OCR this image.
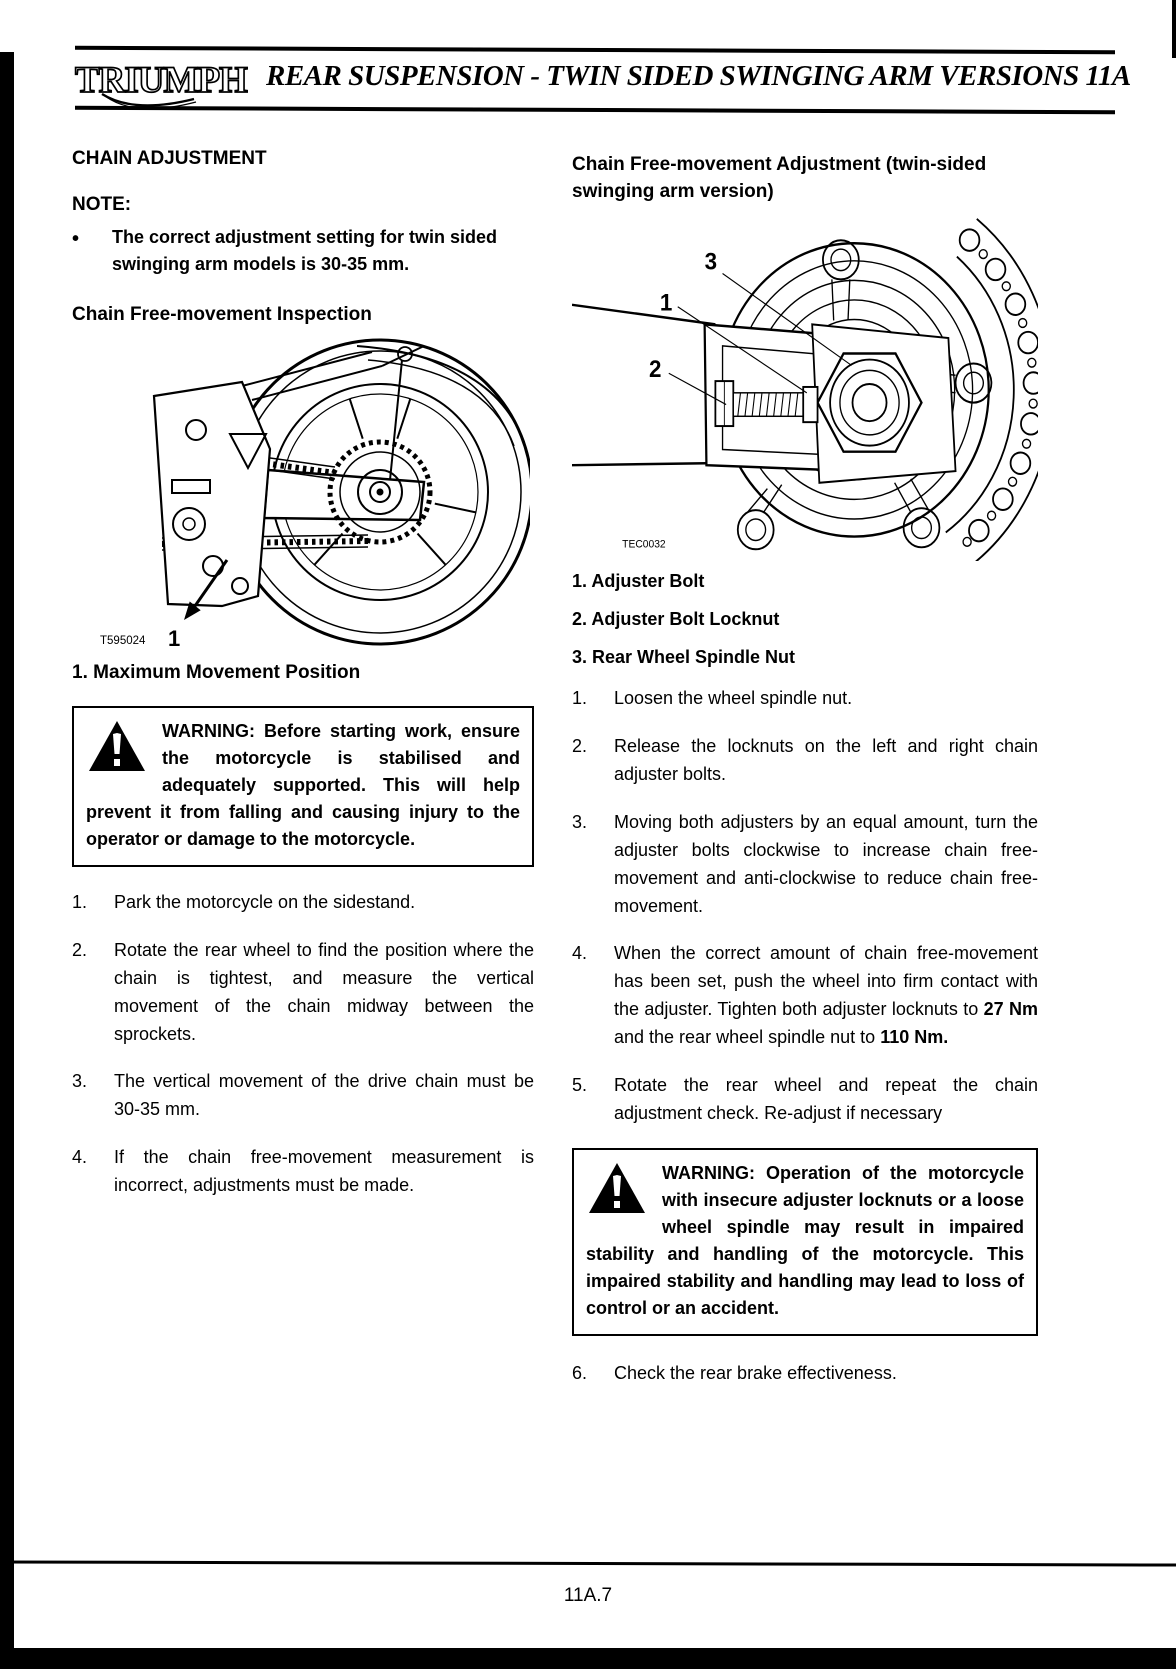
TRIUMPH REAR SUSPENSION - TWIN SIDED SWINGING ARM VERSIONS 11A
CHAIN ADJUSTMENT
NOTE:
•	The correct adjustment setting for twin sided swinging arm models is 30-35 mm.
Chain Free-movement Inspection
1
T595024
1. Maximum Movement Position

WARNING: Before starting work, ensure the motorcycle is stabilised and adequately supported. This will help prevent it from falling and causing injury to the operator or damage to the motorcycle.

1.	Park the motorcycle on the sidestand.
2.	Rotate the rear wheel to find the position where the chain is tightest, and measure the vertical movement of the chain midway between the sprockets.
3.	The vertical movement of the drive chain must be 30-35 mm.
4.	If the chain free-movement measurement is incorrect, adjustments must be made.
Chain Free-movement Adjustment (twin-sided swinging arm version)
3
1
2
TEC0032
1. Adjuster Bolt
2. Adjuster Bolt Locknut
3. Rear Wheel Spindle Nut
1.	Loosen the wheel spindle nut.
2.	Release the locknuts on the left and right chain adjuster bolts.
3.	Moving both adjusters by an equal amount, turn the adjuster bolts clockwise to increase chain free-movement and anti-clockwise to reduce chain free-movement.
4.	When the correct amount of chain free-movement has been set, push the wheel into firm contact with the adjuster. Tighten both adjuster locknuts to 27 Nm and the rear wheel spindle nut to 110 Nm.
5.	Rotate the rear wheel and repeat the chain adjustment check. Re-adjust if necessary

WARNING: Operation of the motorcycle with insecure adjuster locknuts or a loose wheel spindle may result in impaired stability and handling of the motorcycle. This impaired stability and handling may lead to loss of control or an accident.

6.	Check the rear brake effectiveness.
11A.7
